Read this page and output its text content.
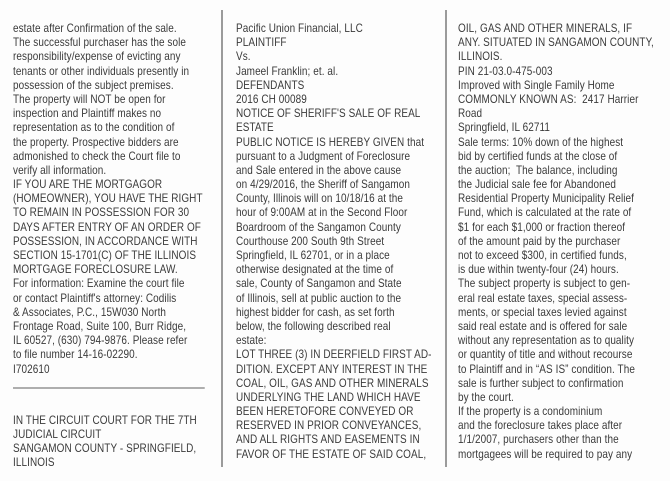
estate after Confirmation of the sale.
The successful purchaser has the sole
responsibility/expense of evicting any
tenants or other individuals presently in
possession of the subject premises.
The property will NOT be open for
inspection and Plaintiff makes no
representation as to the condition of
the property. Prospective bidders are
admonished to check the Court file to
verify all information.
IF YOU ARE THE MORTGAGOR
(HOMEOWNER), YOU HAVE THE RIGHT
TO REMAIN IN POSSESSION FOR 30
DAYS AFTER ENTRY OF AN ORDER OF
POSSESSION, IN ACCORDANCE WITH
SECTION 15-1701(C) OF THE ILLINOIS
MORTGAGE FORECLOSURE LAW.
For information: Examine the court file
or contact Plaintiff's attorney: Codilis
& Associates, P.C., 15W030 North
Frontage Road, Suite 100, Burr Ridge,
IL 60527, (630) 794-9876. Please refer
to file number 14-16-02290.
I702610
IN THE CIRCUIT COURT FOR THE 7TH
JUDICIAL CIRCUIT
SANGAMON COUNTY - SPRINGFIELD,
ILLINOIS
Pacific Union Financial, LLC
PLAINTIFF
Vs.
Jameel Franklin; et. al.
DEFENDANTS
2016 CH 00089
NOTICE OF SHERIFF'S SALE OF REAL
ESTATE
PUBLIC NOTICE IS HEREBY GIVEN that
pursuant to a Judgment of Foreclosure
and Sale entered in the above cause
on 4/29/2016, the Sheriff of Sangamon
County, Illinois will on 10/18/16 at the
hour of 9:00AM at in the Second Floor
Boardroom of the Sangamon County
Courthouse 200 South 9th Street
Springfield, IL 62701, or in a place
otherwise designated at the time of
sale, County of Sangamon and State
of Illinois, sell at public auction to the
highest bidder for cash, as set forth
below, the following described real
estate:
LOT THREE (3) IN DEERFIELD FIRST AD-
DITION. EXCEPT ANY INTEREST IN THE
COAL, OIL, GAS AND OTHER MINERALS
UNDERLYING THE LAND WHICH HAVE
BEEN HERETOFORE CONVEYED OR
RESERVED IN PRIOR CONVEYANCES,
AND ALL RIGHTS AND EASEMENTS IN
FAVOR OF THE ESTATE OF SAID COAL,
OIL, GAS AND OTHER MINERALS, IF
ANY. SITUATED IN SANGAMON COUNTY,
ILLINOIS.
PIN 21-03.0-475-003
Improved with Single Family Home
COMMONLY KNOWN AS:  2417 Harrier
Road
Springfield, IL 62711
Sale terms: 10% down of the highest
bid by certified funds at the close of
the auction;  The balance, including
the Judicial sale fee for Abandoned
Residential Property Municipality Relief
Fund, which is calculated at the rate of
$1 for each $1,000 or fraction thereof
of the amount paid by the purchaser
not to exceed $300, in certified funds,
is due within twenty-four (24) hours.
The subject property is subject to gen-
eral real estate taxes, special assess-
ments, or special taxes levied against
said real estate and is offered for sale
without any representation as to quality
or quantity of title and without recourse
to Plaintiff and in “AS IS” condition. The
sale is further subject to confirmation
by the court.
If the property is a condominium
and the foreclosure takes place after
1/1/2007, purchasers other than the
mortgagees will be required to pay any
